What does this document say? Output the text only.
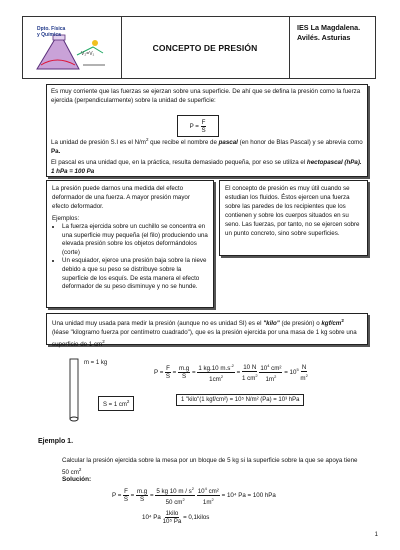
Dpto. Física
y Química
V₂=V₁
CONCEPTO DE PRESIÓN
IES La Magdalena.
Avilés. Asturias

Es muy corriente que las fuerzas se ejerzan sobre una superficie. De ahí que se defina la presión como la fuerza ejercida (perpendicularmente) sobre la unidad de superficie:

P =
$\frac{F}{S}$

La unidad de presión S.I es el $N/m^2$ que recibe el nombre de pascal (en honor de Blas Pascal) y se abrevia como Pa.

El pascal es una unidad que, en la práctica, resulta demasiado pequeña, por eso se utiliza el hectopascal (hPa). 1 hPa = 100 Pa

La presión puede darnos una medida del efecto deformador de una fuerza. A mayor presión mayor efecto deformador.

Ejemplos:

• La fuerza ejercida sobre un cuchillo se concentra en una superficie muy pequeña (el filo) produciendo una elevada presión sobre los objetos deformándolos (corte)
• Un esquiador, ejerce una presión baja sobre la nieve debido a que su peso se distribuye sobre la superficie de los esquís. De esta manera el efecto deformador de su peso disminuye y no se hunde.

El concepto de presión es muy útil cuando se estudian los fluidos. Éstos ejercen una fuerza sobre las paredes de los recipientes que los contienen y sobre los cuerpos situados en su seno. Las fuerzas, por tanto, no se ejercen sobre un punto concreto, sino sobre superficies.

Una unidad muy usada para medir la presión (aunque no es unidad SI) es el "kilo" (de presión) o kgf/$cm^2$ (léase "kilogramo fuerza por centímetro cuadrado"), que es la presión ejercida por una masa de 1 kg sobre una superficie de 1 $cm^2$

m = 1 kg
S = 1 $cm^2$
$P = \frac{F}{S} = \frac{m.g}{S} = \frac{1 kg.10 m.s^{-2}}{1cm^2} = \frac{10 N}{1 cm^2}$
$\frac{10^4 cm^2}{1m^2} = 10^5 \frac{N}{m^2}$
1 "kilo"(1 kgf/cm²) = 10⁵ N/m² (Pa) = 10³ hPa
Ejemplo 1.
Calcular la presión ejercida sobre la mesa por un bloque de 5 kg si la superficie sobre la que se apoya tiene 50 $cm^2$
Solución:
$P = \frac{F}{S} = \frac{m.g}{S} = \frac{5 kg 10 m / s^2}{50 cm^2}$
$\frac{10^4 cm^2}{1m^2} = 10^4$ Pa = 100 hPa
10⁴ Pa $\frac{\text{1kilo}}{\text{10⁵ Pa}}$ = 0,1kilos
1
